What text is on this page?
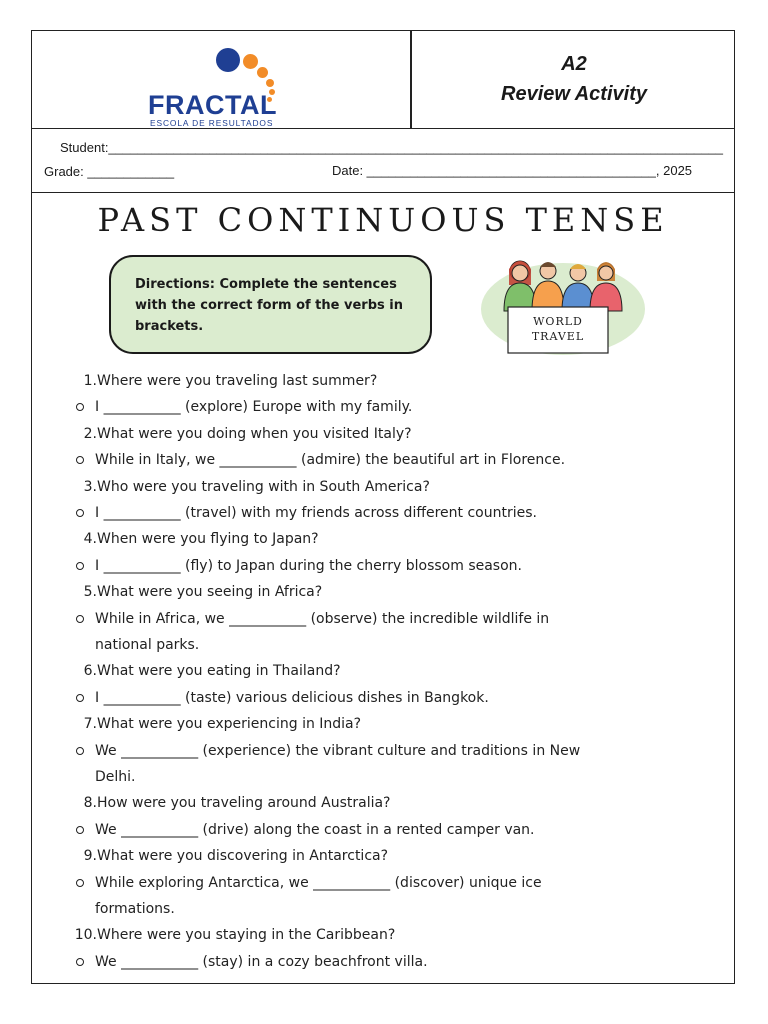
FRACTAL
ESCOLA DE RESULTADOS
A2
Review Activity
Student:_____________________________________________________________________________________
Grade: ____________	Date: ________________________________________, 2025
PAST CONTINUOUS TENSE
Directions: Complete the sentences with the correct form of the verbs in brackets.	WORLD
TRAVEL
1.Where were you traveling last summer?
I ___________ (explore) Europe with my family.
2.What were you doing when you visited Italy?
While in Italy, we ___________ (admire) the beautiful art in Florence.
3.Who were you traveling with in South America?
I ___________ (travel) with my friends across different countries.
4.When were you flying to Japan?
I ___________ (fly) to Japan during the cherry blossom season.
5.What were you seeing in Africa?
While in Africa, we ___________ (observe) the incredible wildlife in
national parks.
6.What were you eating in Thailand?
I ___________ (taste) various delicious dishes in Bangkok.
7.What were you experiencing in India?
We ___________ (experience) the vibrant culture and traditions in New
Delhi.
8.How were you traveling around Australia?
We ___________ (drive) along the coast in a rented camper van.
9.What were you discovering in Antarctica?
While exploring Antarctica, we ___________ (discover) unique ice
formations.
10.Where were you staying in the Caribbean?
We ___________ (stay) in a cozy beachfront villa.
